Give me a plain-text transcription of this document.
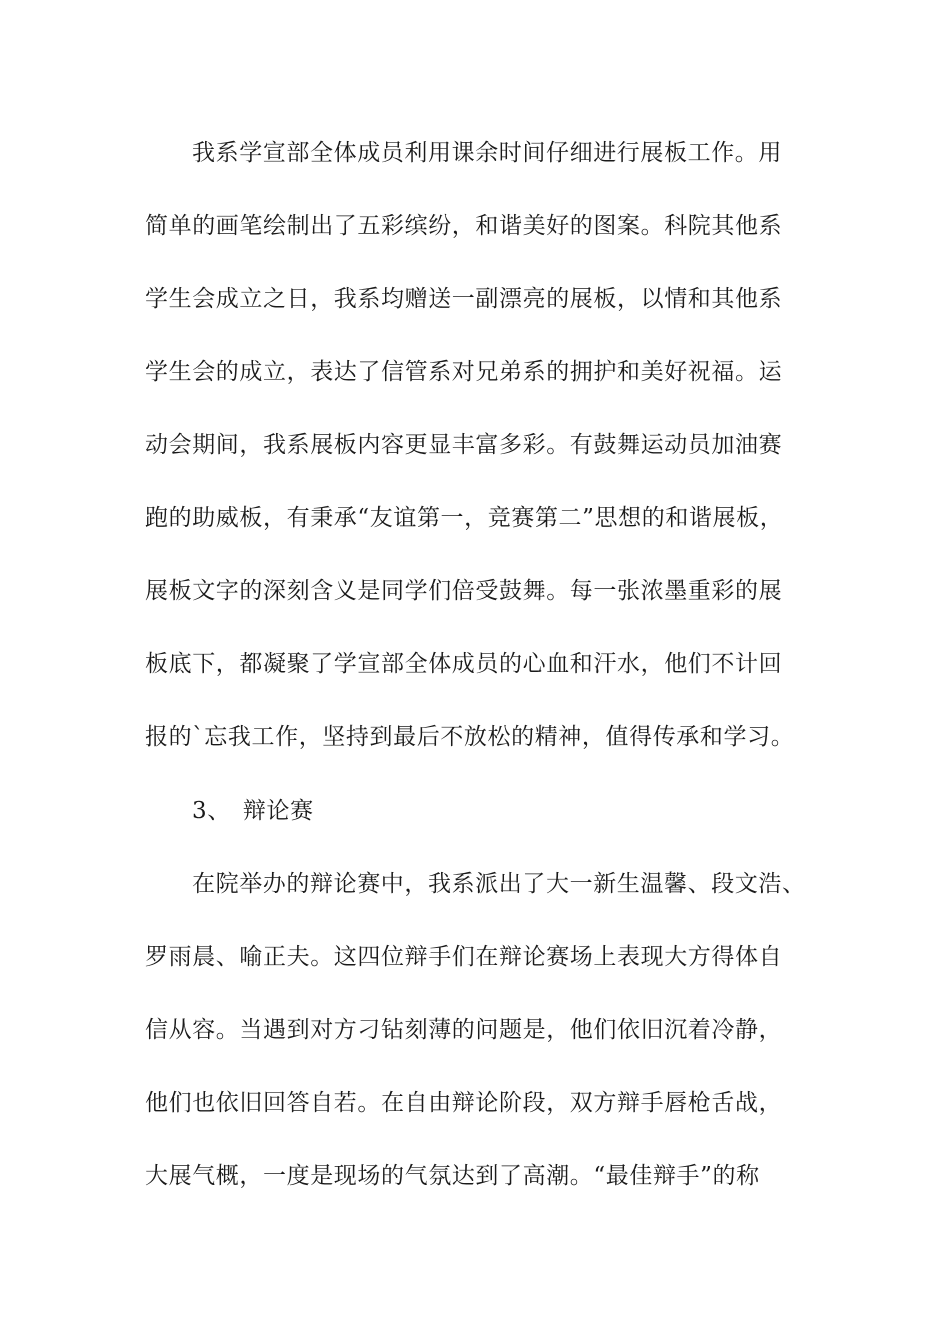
我系学宣部全体成员利用课余时间仔细进行展板工作。用
简单的画笔绘制出了五彩缤纷，和谐美好的图案。科院其他系
学生会成立之日，我系均赠送一副漂亮的展板，以情和其他系
学生会的成立，表达了信管系对兄弟系的拥护和美好祝福。运
动会期间，我系展板内容更显丰富多彩。有鼓舞运动员加油赛
跑的助威板，有秉承“友谊第一，竞赛第二”思想的和谐展板，
展板文字的深刻含义是同学们倍受鼓舞。每一张浓墨重彩的展
板底下，都凝聚了学宣部全体成员的心血和汗水，他们不计回
报的`忘我工作，坚持到最后不放松的精神，值得传承和学习。
3、　辩论赛
在院举办的辩论赛中，我系派出了大一新生温馨、段文浩、
罗雨晨、喻正夫。这四位辩手们在辩论赛场上表现大方得体自
信从容。当遇到对方刁钻刻薄的问题是，他们依旧沉着冷静，
他们也依旧回答自若。在自由辩论阶段，双方辩手唇枪舌战，
大展气概，一度是现场的气氛达到了高潮。“最佳辩手”的称
